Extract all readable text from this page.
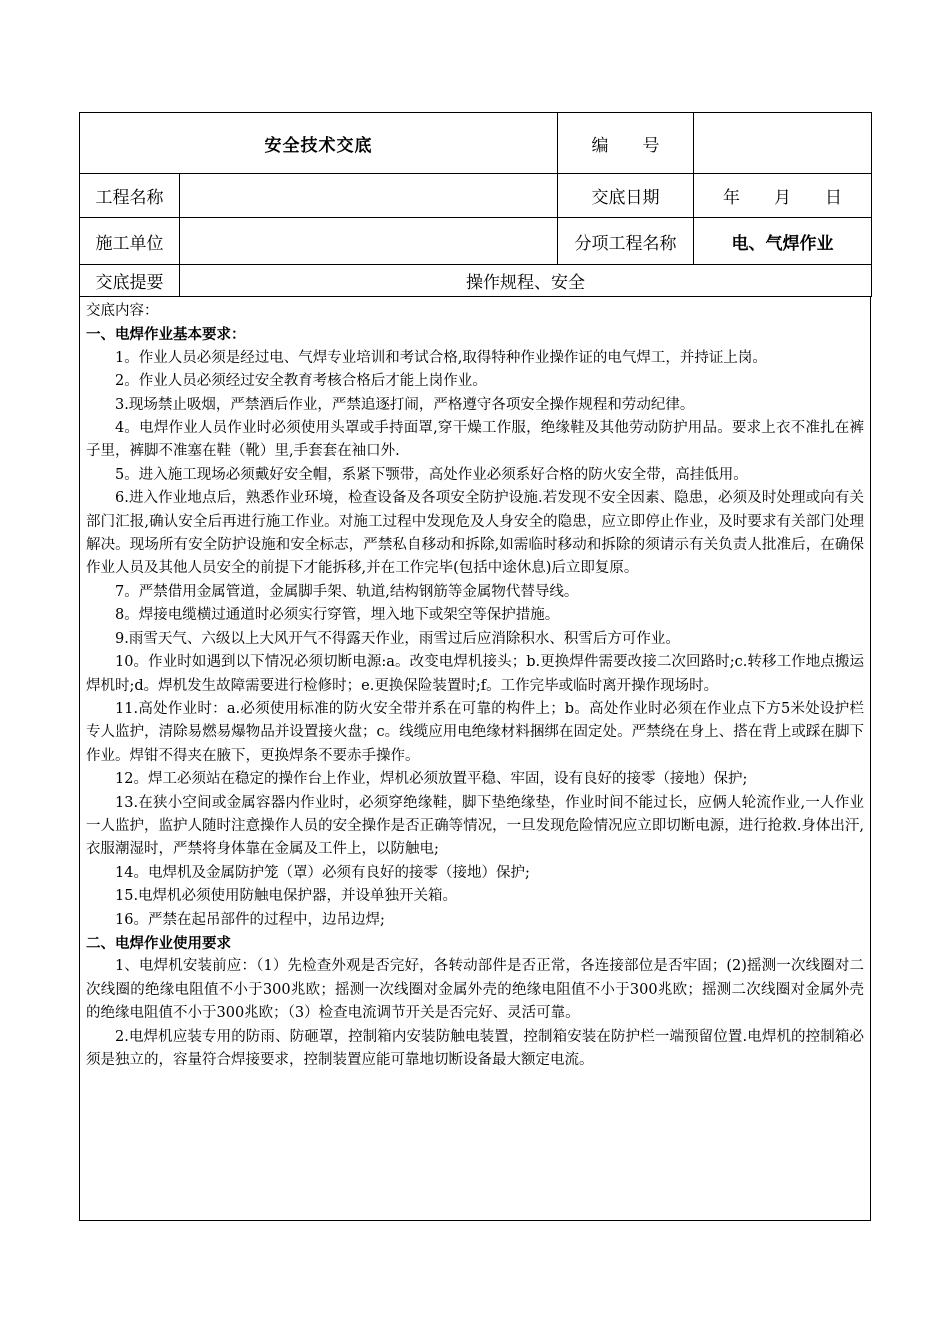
安全技术交底		编　　号	
工程名称		交底日期	年　　月　　日
施工单位		分项工程名称	电、气焊作业
交底提要	操作规程、安全		

交底内容：

一、电焊作业基本要求：

1。作业人员必须是经过电、气焊专业培训和考试合格,取得特种作业操作证的电气焊工，并持证上岗。

2。作业人员必须经过安全教育考核合格后才能上岗作业。

3.现场禁止吸烟，严禁酒后作业，严禁追逐打闹，严格遵守各项安全操作规程和劳动纪律。

4。电焊作业人员作业时必须使用头罩或手持面罩,穿干燥工作服，绝缘鞋及其他劳动防护用品。要求上衣不准扎在裤子里，裤脚不准塞在鞋（靴）里,手套套在袖口外.

5。进入施工现场必须戴好安全帽，系紧下颚带，高处作业必须系好合格的防火安全带，高挂低用。

6.进入作业地点后，熟悉作业环境，检查设备及各项安全防护设施.若发现不安全因素、隐患，必须及时处理或向有关部门汇报,确认安全后再进行施工作业。对施工过程中发现危及人身安全的隐患，应立即停止作业，及时要求有关部门处理解决。现场所有安全防护设施和安全标志，严禁私自移动和拆除,如需临时移动和拆除的须请示有关负责人批准后，在确保作业人员及其他人员安全的前提下才能拆移,并在工作完毕(包括中途休息)后立即复原。

7。严禁借用金属管道，金属脚手架、轨道,结构钢筋等金属物代替导线。

8。焊接电缆横过通道时必须实行穿管，埋入地下或架空等保护措施。

9.雨雪天气、六级以上大风开气不得露天作业，雨雪过后应消除积水、积雪后方可作业。

10。作业时如遇到以下情况必须切断电源:a。改变电焊机接头；b.更换焊件需要改接二次回路时;c.转移工作地点搬运焊机时;d。焊机发生故障需要进行检修时；e.更换保险装置时;f。工作完毕或临时离开操作现场时。

11.高处作业时：a.必须使用标准的防火安全带并系在可靠的构件上；b。高处作业时必须在作业点下方5米处设护栏专人监护，清除易燃易爆物品并设置接火盘；c。线缆应用电绝缘材料捆绑在固定处。严禁绕在身上、搭在背上或踩在脚下作业。焊钳不得夹在腋下，更换焊条不要赤手操作。

12。焊工必须站在稳定的操作台上作业，焊机必须放置平稳、牢固，设有良好的接零（接地）保护;

13.在狭小空间或金属容器内作业时，必须穿绝缘鞋，脚下垫绝缘垫，作业时间不能过长，应俩人轮流作业,一人作业一人监护，监护人随时注意操作人员的安全操作是否正确等情况，一旦发现危险情况应立即切断电源，进行抢救.身体出汗,衣服潮湿时，严禁将身体靠在金属及工件上，以防触电;

14。电焊机及金属防护笼（罩）必须有良好的接零（接地）保护;

15.电焊机必须使用防触电保护器，并设单独开关箱。

16。严禁在起吊部件的过程中，边吊边焊;

二、电焊作业使用要求

1、电焊机安装前应：（1）先检查外观是否完好，各转动部件是否正常，各连接部位是否牢固；(2)摇测一次线圈对二次线圈的绝缘电阻值不小于300兆欧；摇测一次线圈对金属外壳的绝缘电阻值不小于300兆欧；摇测二次线圈对金属外壳的绝缘电阻值不小于300兆欧；（3）检查电流调节开关是否完好、灵活可靠。

2.电焊机应装专用的防雨、防砸罩，控制箱内安装防触电装置，控制箱安装在防护栏一端预留位置.电焊机的控制箱必须是独立的，容量符合焊接要求，控制装置应能可靠地切断设备最大额定电流。
